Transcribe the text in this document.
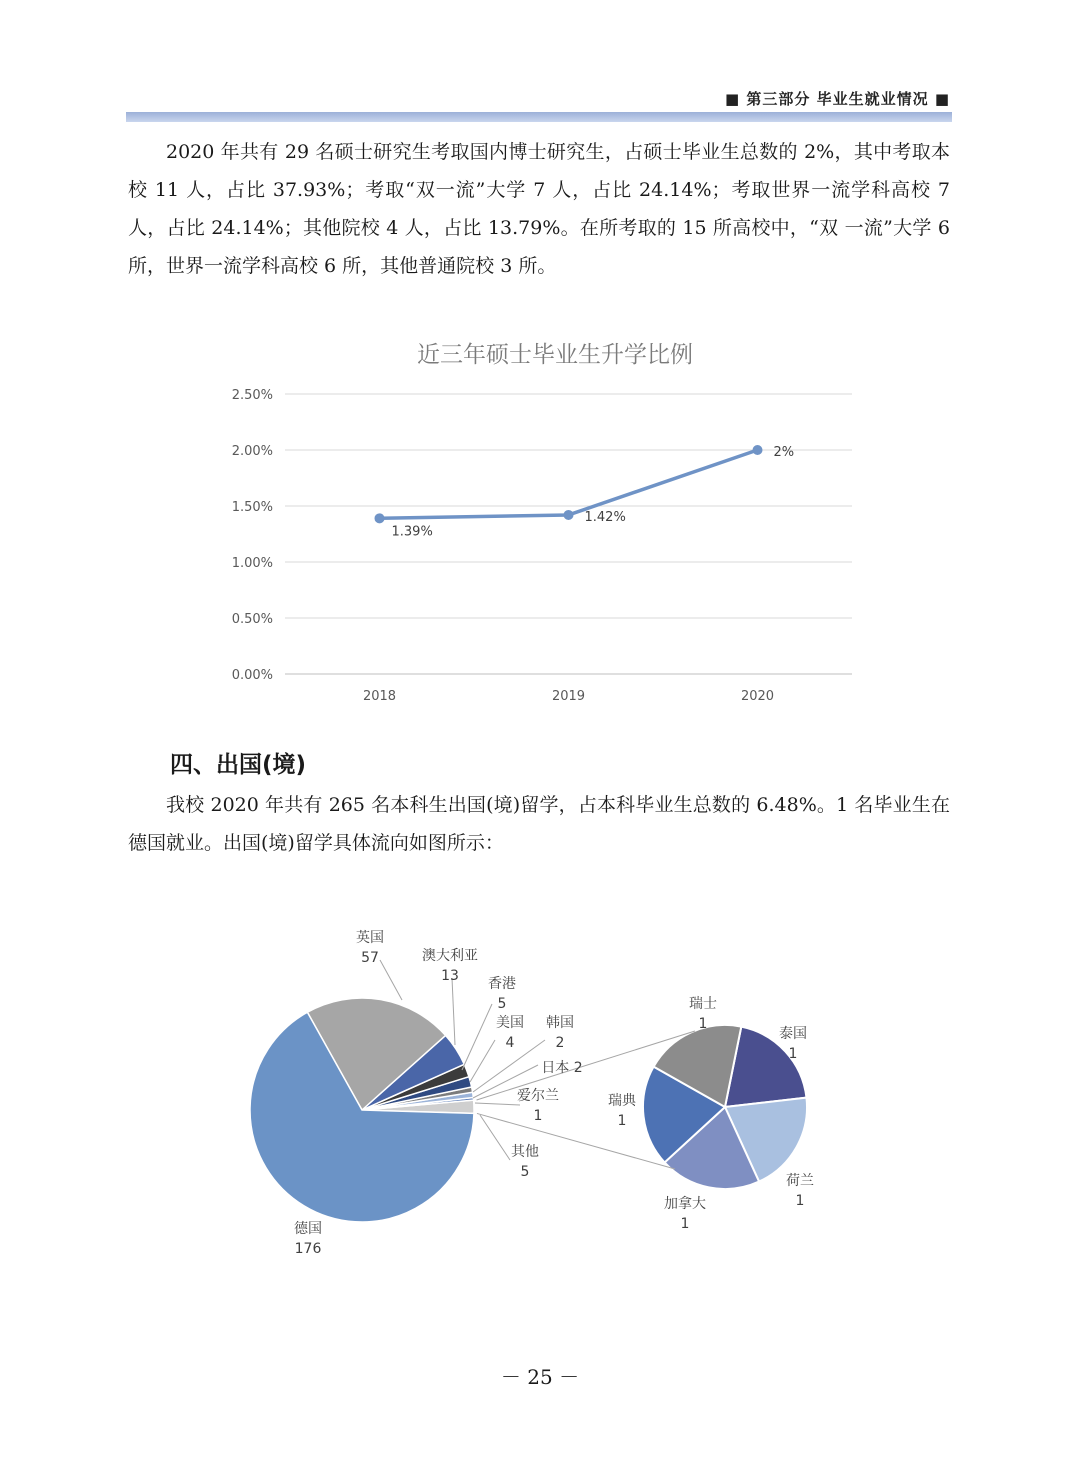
■ 第三部分 毕业生就业情况 ■

2020 年共有 29 名硕士研究生考取国内博士研究生，占硕士毕业生总数的 2%，其中考取本校 11 人，占比 37.93%；考取“双一流”大学 7 人，占比 24.14%；考取世界一流学科高校 7 人，占比 24.14%；其他院校 4 人，占比 13.79%。在所考取的 15 所高校中，“双 一流”大学 6 所，世界一流学科高校 6 所，其他普通院校 3 所。

近三年硕士毕业生升学比例
0.00%
0.50%
1.00%
1.50%
2.00%
2.50%
2018	2019	2020
1.39%
1.42%
2%
四、出国(境)

我校 2020 年共有 265 名本科生出国(境)留学，占本科毕业生总数的 6.48%。1 名毕业生在德国就业。出国(境)留学具体流向如图所示：

德国
176
英国
57	澳大利亚
13 香港
5
美国
4
韩国
2
爱尔兰
1
其他
5
日本 2
瑞士
1
泰国
1
荷兰
1
加拿大
1
瑞典
1
－ 25 －
